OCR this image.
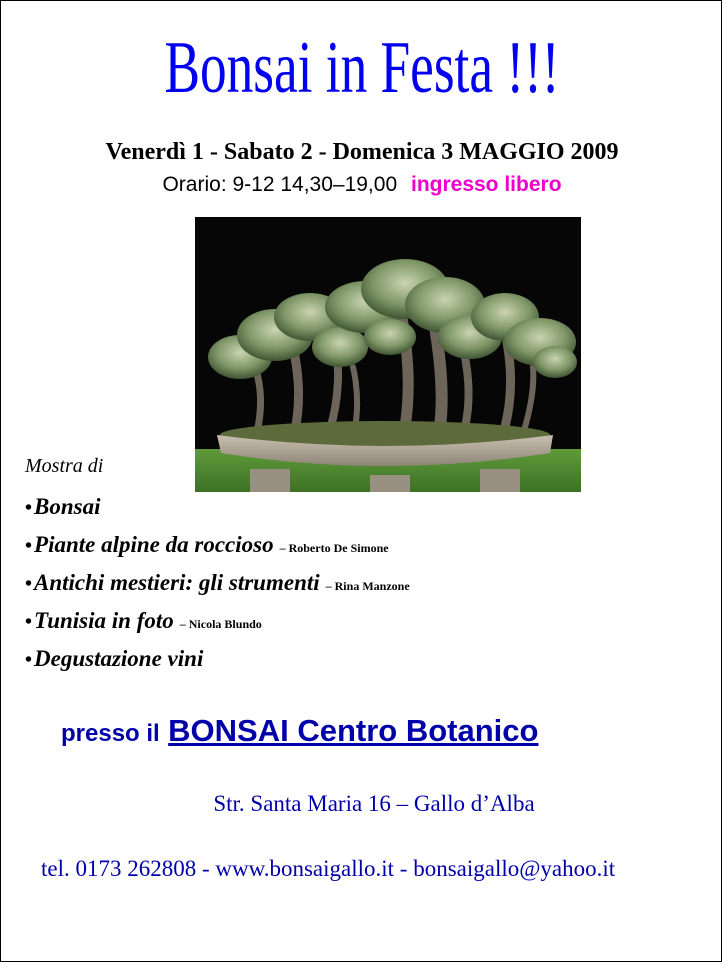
Bonsai in Festa !!!
Venerdì 1 - Sabato 2 - Domenica 3 MAGGIO 2009
Orario: 9-12 14,30–19,00 ingresso libero
Mostra di
•Bonsai
•Piante alpine da roccioso – Roberto De Simone
•Antichi mestieri: gli strumenti – Rina Manzone
•Tunisia in foto – Nicola Blundo
•Degustazione vini
presso il BONSAI Centro Botanico
Str. Santa Maria 16 – Gallo d’Alba
tel. 0173 262808 - www.bonsaigallo.it - bonsaigallo@yahoo.it
